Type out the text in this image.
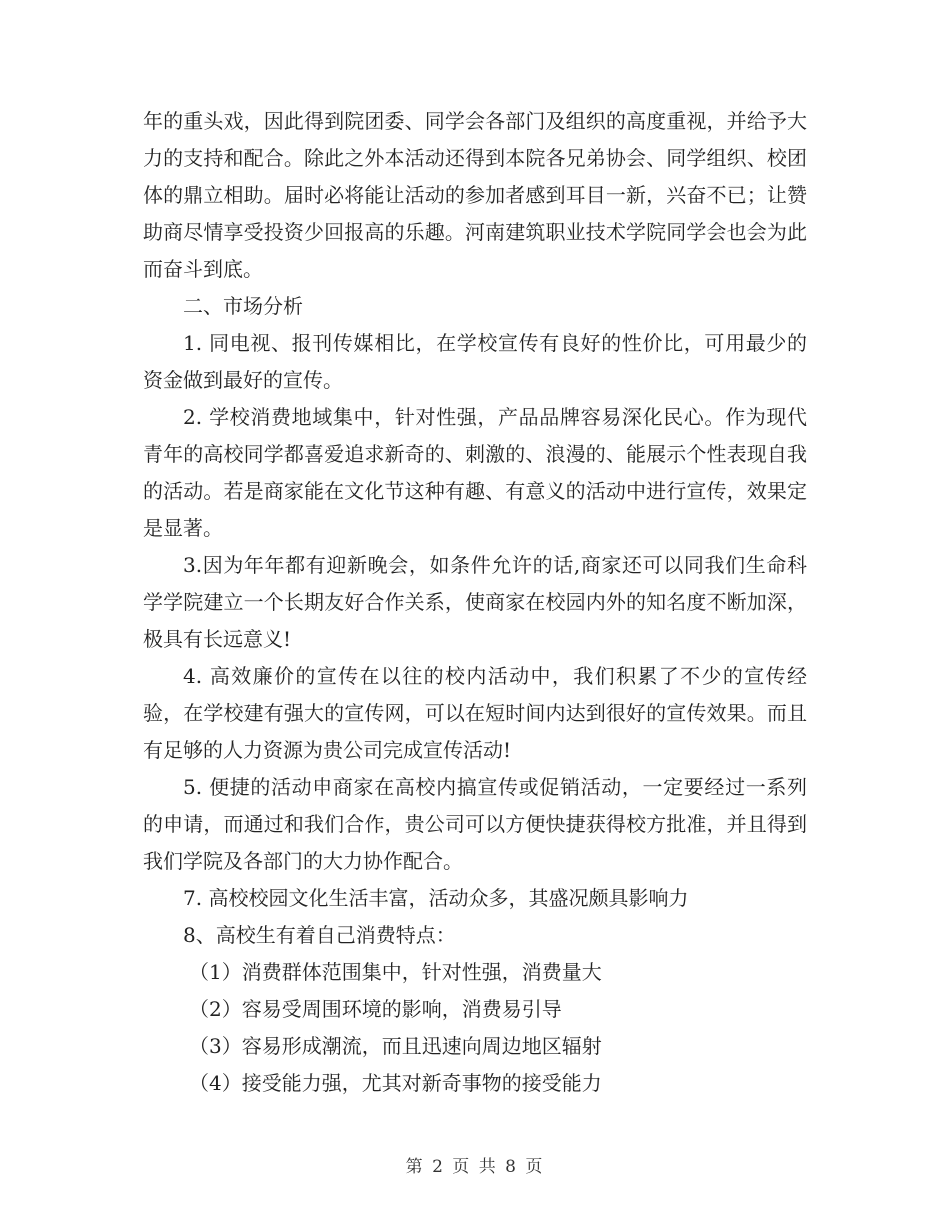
年的重头戏，因此得到院团委、同学会各部门及组织的高度重视，并给予大力的支持和配合。除此之外本活动还得到本院各兄弟协会、同学组织、校团体的鼎立相助。届时必将能让活动的参加者感到耳目一新，兴奋不已；让赞助商尽情享受投资少回报高的乐趣。河南建筑职业技术学院同学会也会为此而奋斗到底。

二、市场分析

1. 同电视、报刊传媒相比，在学校宣传有良好的性价比，可用最少的资金做到最好的宣传。

2. 学校消费地域集中，针对性强，产品品牌容易深化民心。作为现代青年的高校同学都喜爱追求新奇的、刺激的、浪漫的、能展示个性表现自我的活动。若是商家能在文化节这种有趣、有意义的活动中进行宣传，效果定是显著。

3.因为年年都有迎新晚会，如条件允许的话,商家还可以同我们生命科学学院建立一个长期友好合作关系，使商家在校园内外的知名度不断加深，极具有长远意义!

4. 高效廉价的宣传在以往的校内活动中，我们积累了不少的宣传经验，在学校建有强大的宣传网，可以在短时间内达到很好的宣传效果。而且有足够的人力资源为贵公司完成宣传活动!

5. 便捷的活动申商家在高校内搞宣传或促销活动，一定要经过一系列的申请，而通过和我们合作，贵公司可以方便快捷获得校方批准，并且得到我们学院及各部门的大力协作配合。

7. 高校校园文化生活丰富，活动众多，其盛况颇具影响力

8、高校生有着自己消费特点：

（1）消费群体范围集中，针对性强，消费量大

（2）容易受周围环境的影响，消费易引导

（3）容易形成潮流，而且迅速向周边地区辐射

（4）接受能力强，尤其对新奇事物的接受能力

第 2 页 共 8 页
